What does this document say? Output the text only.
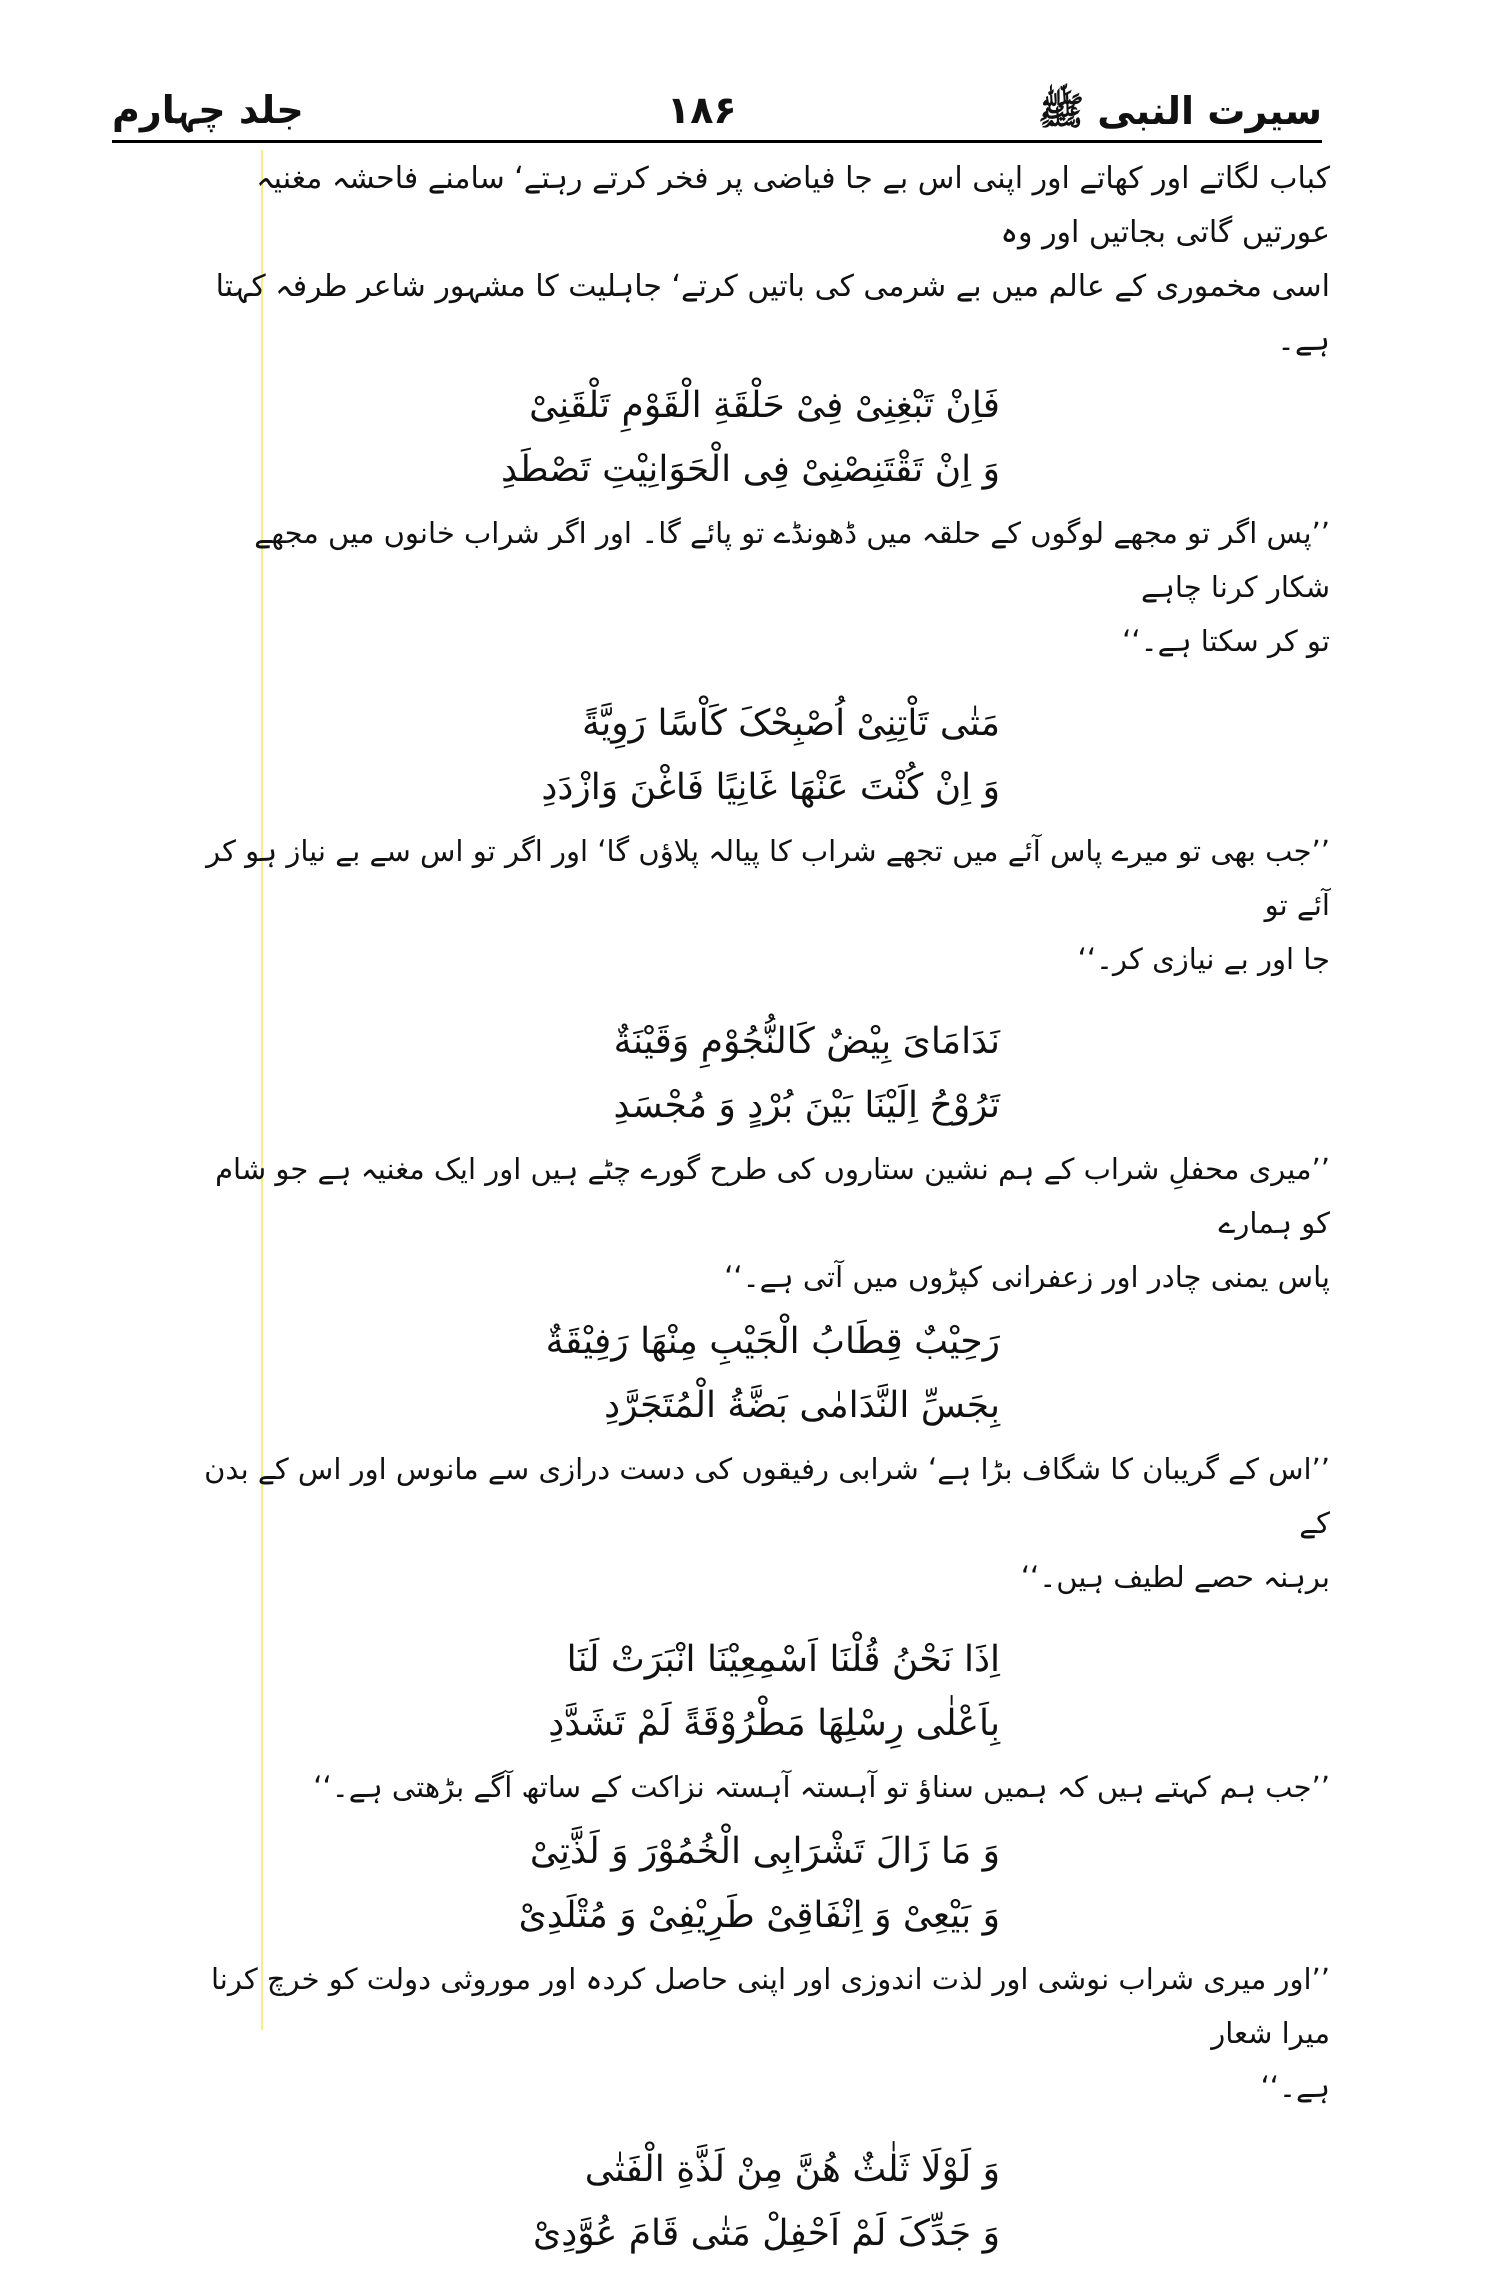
سیرت النبی ﷺ
۱۸۶
جلد چہارم
کباب لگاتے اور کھاتے اور اپنی اس بے جا فیاضی پر فخر کرتے رہتے‘ سامنے فاحشہ مغنیہ عورتیں گاتی بجاتیں اور وہ
اسی مخموری کے عالم میں بے شرمی کی باتیں کرتے‘ جاہلیت کا مشہور شاعر طرفہ کہتا ہے۔
فَاِنْ تَبْغِنِیْ فِیْ حَلْقَةِ الْقَوْمِ تَلْقَنِیْ
وَ اِنْ تَقْتَنِصْنِیْ فِی الْحَوَانِیْتِ تَصْطَدِ
’’پس اگر تو مجھے لوگوں کے حلقہ میں ڈھونڈے تو پائے گا۔ اور اگر شراب خانوں میں مجھے شکار کرنا چاہے
تو کر سکتا ہے۔‘‘
مَتٰی تَاْتِنِیْ اُصْبِحْکَ کَاْسًا رَوِیَّةً
وَ اِنْ کُنْتَ عَنْهَا غَانِیًا فَاغْنَ وَازْدَدِ
’’جب بھی تو میرے پاس آئے میں تجھے شراب کا پیالہ پلاؤں گا‘ اور اگر تو اس سے بے نیاز ہو کر آئے تو
جا اور بے نیازی کر۔‘‘
نَدَامَایَ بِیْضٌ کَالنُّجُوْمِ وَقَیْنَةٌ
تَرُوْحُ اِلَیْنَا بَیْنَ بُرْدٍ وَ مُجْسَدِ
’’میری محفلِ شراب کے ہم نشین ستاروں کی طرح گورے چٹے ہیں اور ایک مغنیہ ہے جو شام کو ہمارے
پاس یمنی چادر اور زعفرانی کپڑوں میں آتی ہے۔‘‘
رَحِیْبٌ قِطَابُ الْجَیْبِ مِنْهَا رَفِیْقَةٌ
بِجَسِّ النَّدَامٰی بَضَّةُ الْمُتَجَرَّدِ
’’اس کے گریبان کا شگاف بڑا ہے‘ شرابی رفیقوں کی دست درازی سے مانوس اور اس کے بدن کے
برہنہ حصے لطیف ہیں۔‘‘
اِذَا نَحْنُ قُلْنَا اَسْمِعِیْنَا انْبَرَتْ لَنَا
بِاَعْلٰی رِسْلِهَا مَطْرُوْقَةً لَمْ تَشَدَّدِ
’’جب ہم کہتے ہیں کہ ہمیں سناؤ تو آہستہ آہستہ نزاکت کے ساتھ آگے بڑھتی ہے۔‘‘
وَ مَا زَالَ تَشْرَابِی الْخُمُوْرَ وَ لَذَّتِیْ
وَ بَیْعِیْ وَ اِنْفَاقِیْ طَرِیْفِیْ وَ مُتْلَدِیْ
’’اور میری شراب نوشی اور لذت اندوزی اور اپنی حاصل کردہ اور موروثی دولت کو خرچ کرنا میرا شعار
ہے۔‘‘
وَ لَوْلَا ثَلٰثٌ هُنَّ مِنْ لَذَّةِ الْفَتٰی
وَ جَدِّکَ لَمْ اَحْفِلْ مَتٰی قَامَ عُوَّدِیْ
